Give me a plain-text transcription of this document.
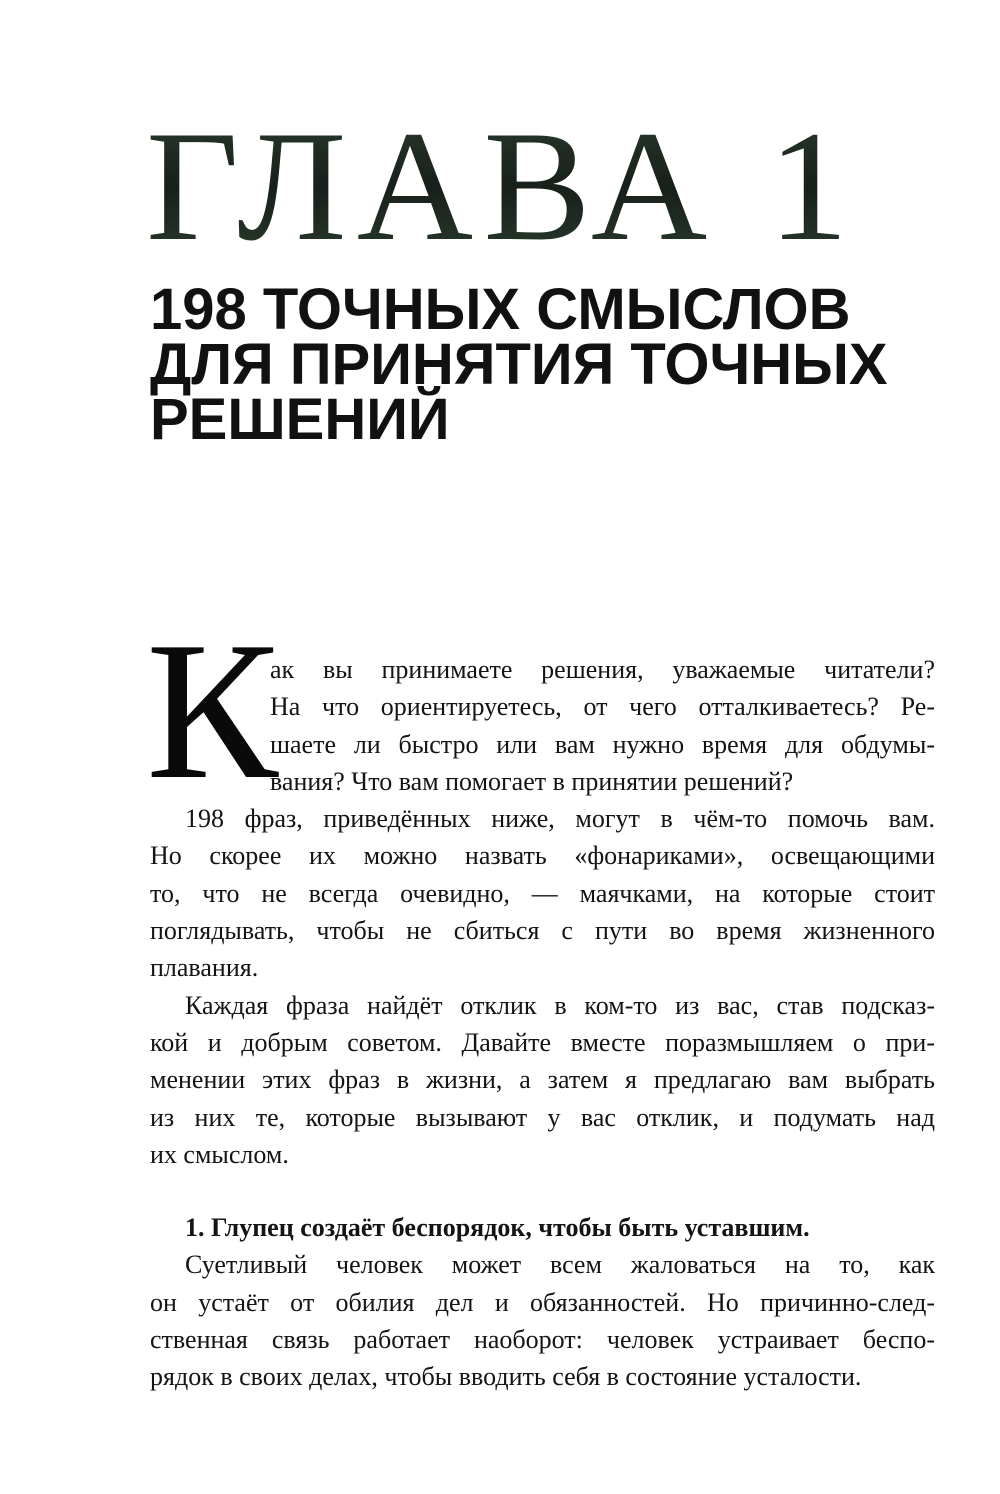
ГЛАВА 1
198 ТОЧНЫХ СМЫСЛОВ
ДЛЯ ПРИНЯТИЯ ТОЧНЫХ
РЕШЕНИЙ
К
ак вы принимаете решения, уважаемые читатели?
На что ориентируетесь, от чего отталкиваетесь? Ре-
шаете ли быстро или вам нужно время для обдумы-
вания? Что вам помогает в принятии решений?
198 фраз, приведённых ниже, могут в чём-то помочь вам.
Но скорее их можно назвать «фонариками», освещающими
то, что не всегда очевидно, — маячками, на которые стоит
поглядывать, чтобы не сбиться с пути во время жизненного
плавания.
Каждая фраза найдёт отклик в ком-то из вас, став подсказ-
кой и добрым советом. Давайте вместе поразмышляем о при-
менении этих фраз в жизни, а затем я предлагаю вам выбрать
из них те, которые вызывают у вас отклик, и подумать над
их смыслом.
1. Глупец создаёт беспорядок, чтобы быть уставшим.
Суетливый человек может всем жаловаться на то, как
он устаёт от обилия дел и обязанностей. Но причинно-след-
ственная связь работает наоборот: человек устраивает беспо-
рядок в своих делах, чтобы вводить себя в состояние усталости.
